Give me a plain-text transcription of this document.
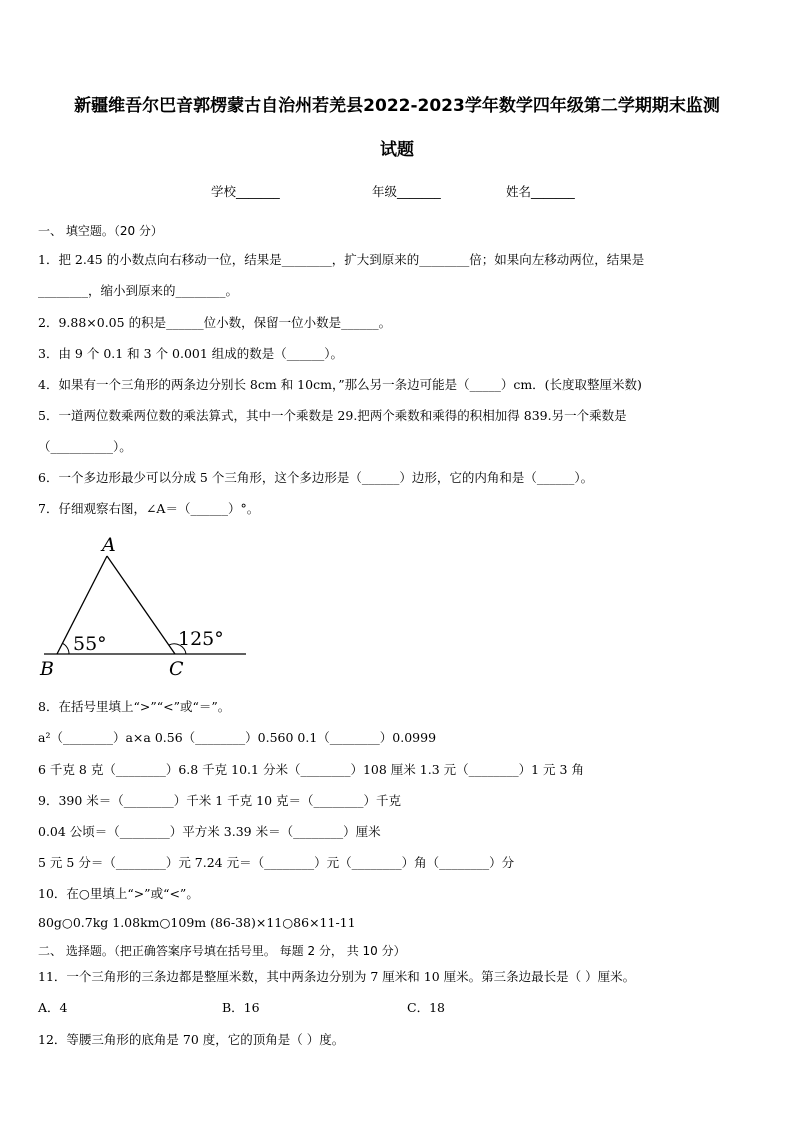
新疆维吾尔巴音郭楞蒙古自治州若羌县2022-2023学年数学四年级第二学期期末监测
试题
学校_______	年级_______	姓名_______
一、 填空题。（20 分）
1．把 2.45 的小数点向右移动一位，结果是________，扩大到原来的________倍；如果向左移动两位，结果是
________，缩小到原来的________。
2．9.88×0.05 的积是______位小数，保留一位小数是______。
3．由 9 个 0.1 和 3 个 0.001 组成的数是（______）。
4．如果有一个三角形的两条边分别长 8cm 和 10cm，”那么另一条边可能是（_____）cm．(长度取整厘米数)
5．一道两位数乘两位数的乘法算式，其中一个乘数是 29.把两个乘数和乘得的积相加得 839.另一个乘数是
（__________）。
6．一个多边形最少可以分成 5 个三角形，这个多边形是（______）边形，它的内角和是（______）。
7．仔细观察右图，∠A＝（______）°。
A
B	C
55°	125°
8．在括号里填上“>”“<”或“＝”。
a²（________）a×a 0.56（________）0.560 0.1（________）0.0999
6 千克 8 克（________）6.8 千克 10.1 分米（________）108 厘米 1.3 元（________）1 元 3 角
9．390 米＝（________）千米 1 千克 10 克＝（________）千克
0.04 公顷＝（________）平方米 3.39 米＝（________）厘米
5 元 5 分＝（________）元 7.24 元＝（________）元（________）角（________）分
10．在○里填上“>”或“<”。
80g○0.7kg 1.08km○109m (86-38)×11○86×11-11
二、 选择题。（把正确答案序号填在括号里。 每题 2 分， 共 10 分）
11．一个三角形的三条边都是整厘米数，其中两条边分别为 7 厘米和 10 厘米。第三条边最长是（ ）厘米。
A．4	B．16	C．18
12．等腰三角形的底角是 70 度，它的顶角是（ ）度。
